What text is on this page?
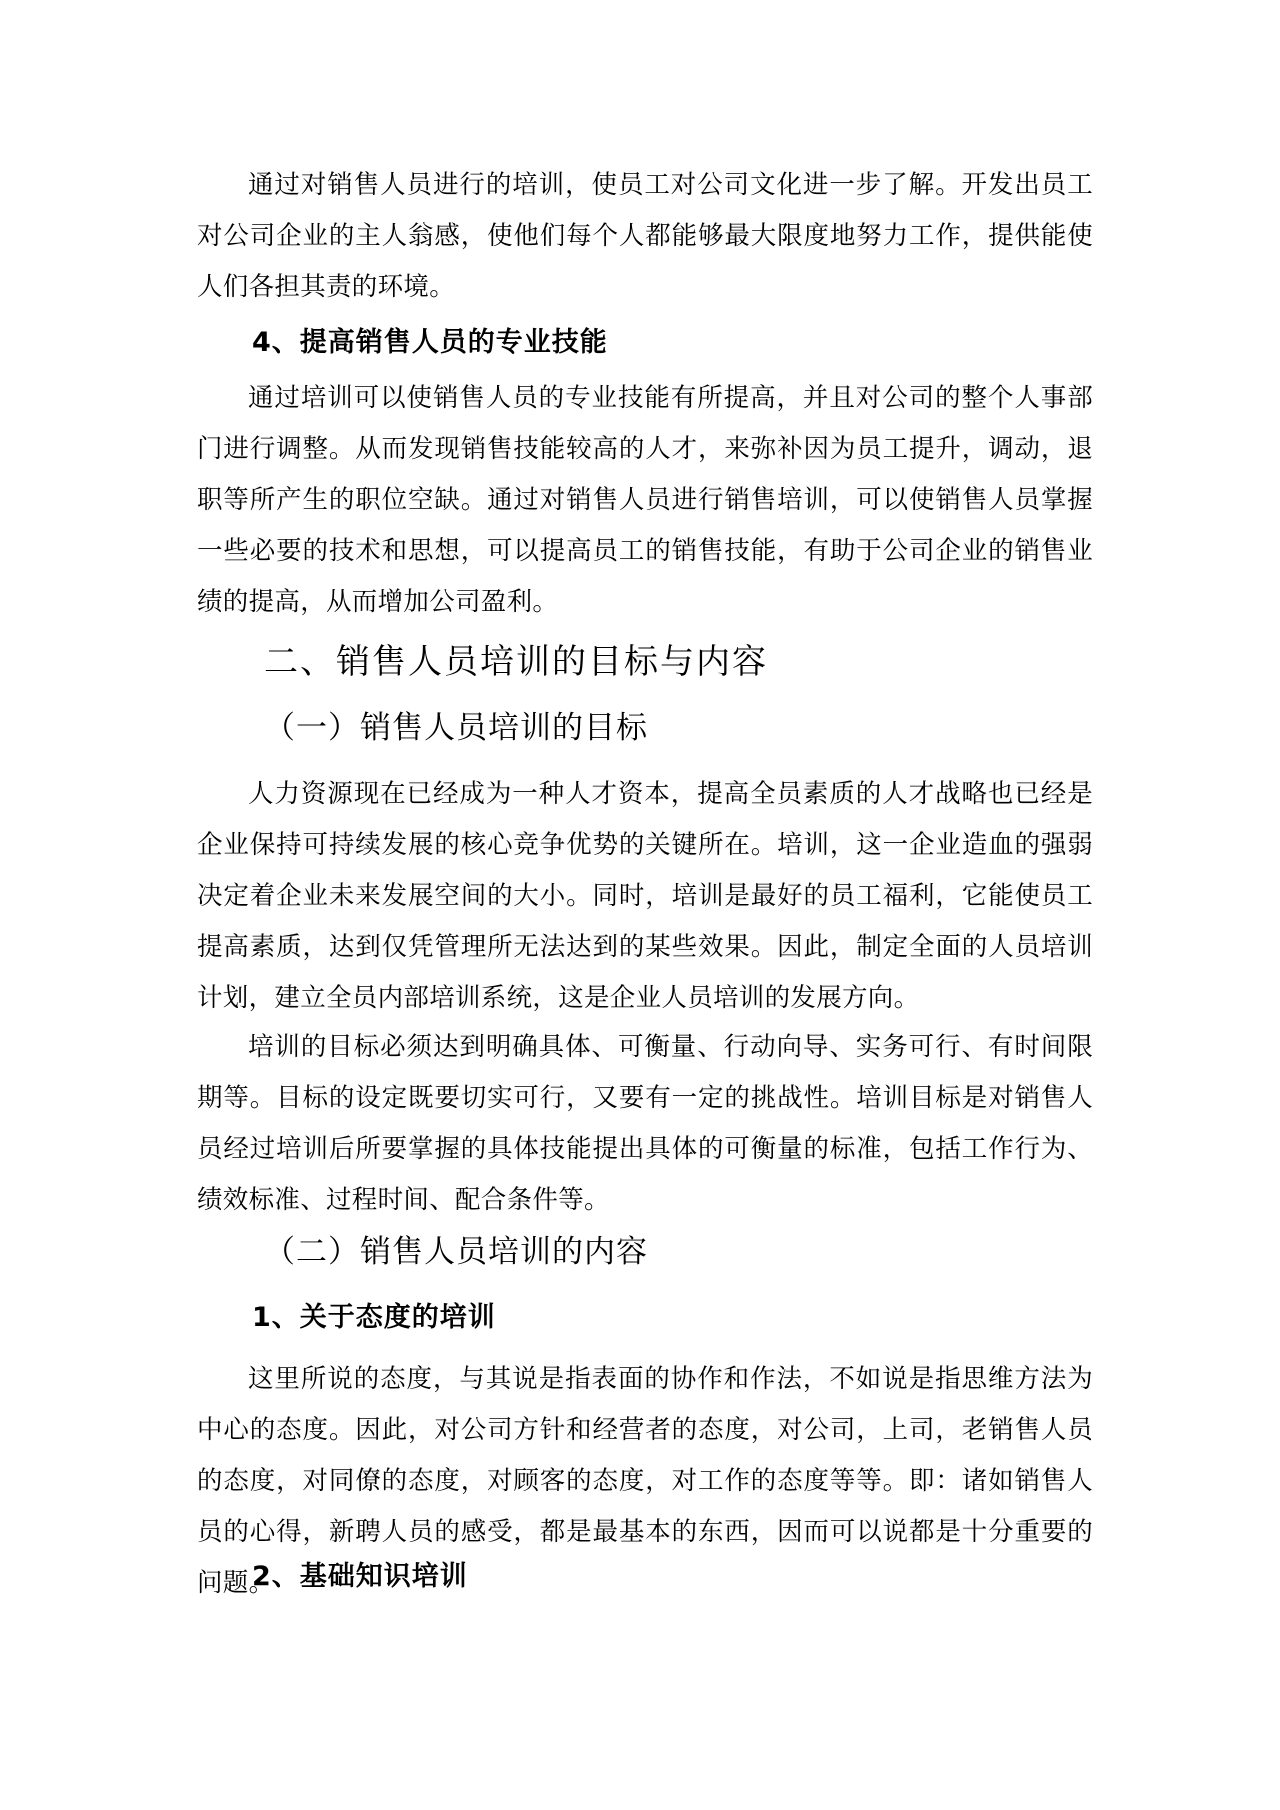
通过对销售人员进行的培训，使员工对公司文化进一步了解。开发出员工对公司企业的主人翁感，使他们每个人都能够最大限度地努力工作，提供能使人们各担其责的环境。

4、提高销售人员的专业技能

通过培训可以使销售人员的专业技能有所提高，并且对公司的整个人事部门进行调整。从而发现销售技能较高的人才，来弥补因为员工提升，调动，退职等所产生的职位空缺。通过对销售人员进行销售培训，可以使销售人员掌握一些必要的技术和思想，可以提高员工的销售技能，有助于公司企业的销售业绩的提高，从而增加公司盈利。

二、销售人员培训的目标与内容
（一）销售人员培训的目标

人力资源现在已经成为一种人才资本，提高全员素质的人才战略也已经是企业保持可持续发展的核心竞争优势的关键所在。培训，这一企业造血的强弱决定着企业未来发展空间的大小。同时，培训是最好的员工福利，它能使员工提高素质，达到仅凭管理所无法达到的某些效果。因此，制定全面的人员培训计划，建立全员内部培训系统，这是企业人员培训的发展方向。

培训的目标必须达到明确具体、可衡量、行动向导、实务可行、有时间限期等。目标的设定既要切实可行，又要有一定的挑战性。培训目标是对销售人员经过培训后所要掌握的具体技能提出具体的可衡量的标准，包括工作行为、绩效标准、过程时间、配合条件等。

（二）销售人员培训的内容
1、关于态度的培训

这里所说的态度，与其说是指表面的协作和作法，不如说是指思维方法为中心的态度。因此，对公司方针和经营者的态度，对公司，上司，老销售人员的态度，对同僚的态度，对顾客的态度，对工作的态度等等。即：诸如销售人员的心得，新聘人员的感受，都是最基本的东西，因而可以说都是十分重要的问题。

2、基础知识培训
